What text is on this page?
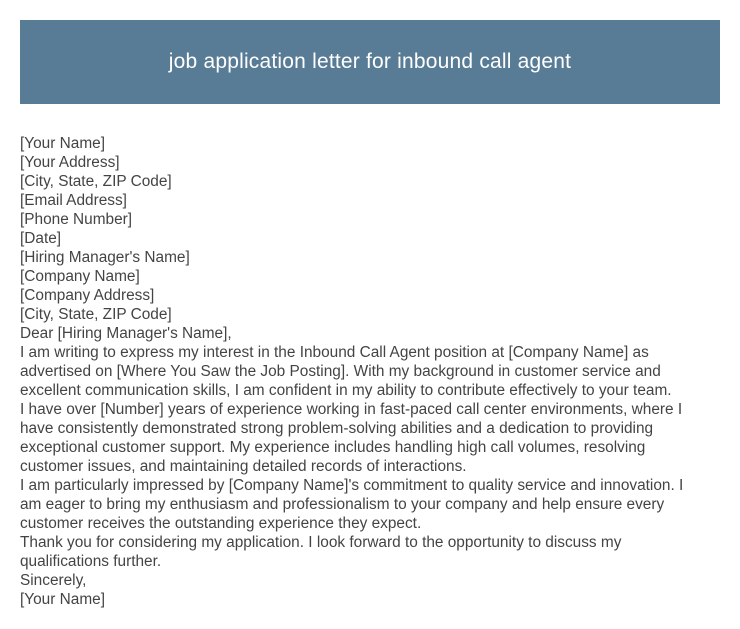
job application letter for inbound call agent
[Your Name]
[Your Address]
[City, State, ZIP Code]
[Email Address]
[Phone Number]
[Date]
[Hiring Manager's Name]
[Company Name]
[Company Address]
[City, State, ZIP Code]
Dear [Hiring Manager's Name],
I am writing to express my interest in the Inbound Call Agent position at [Company Name] as
advertised on [Where You Saw the Job Posting]. With my background in customer service and
excellent communication skills, I am confident in my ability to contribute effectively to your team.
I have over [Number] years of experience working in fast-paced call center environments, where I
have consistently demonstrated strong problem-solving abilities and a dedication to providing
exceptional customer support. My experience includes handling high call volumes, resolving
customer issues, and maintaining detailed records of interactions.
I am particularly impressed by [Company Name]'s commitment to quality service and innovation. I
am eager to bring my enthusiasm and professionalism to your company and help ensure every
customer receives the outstanding experience they expect.
Thank you for considering my application. I look forward to the opportunity to discuss my
qualifications further.
Sincerely,
[Your Name]
